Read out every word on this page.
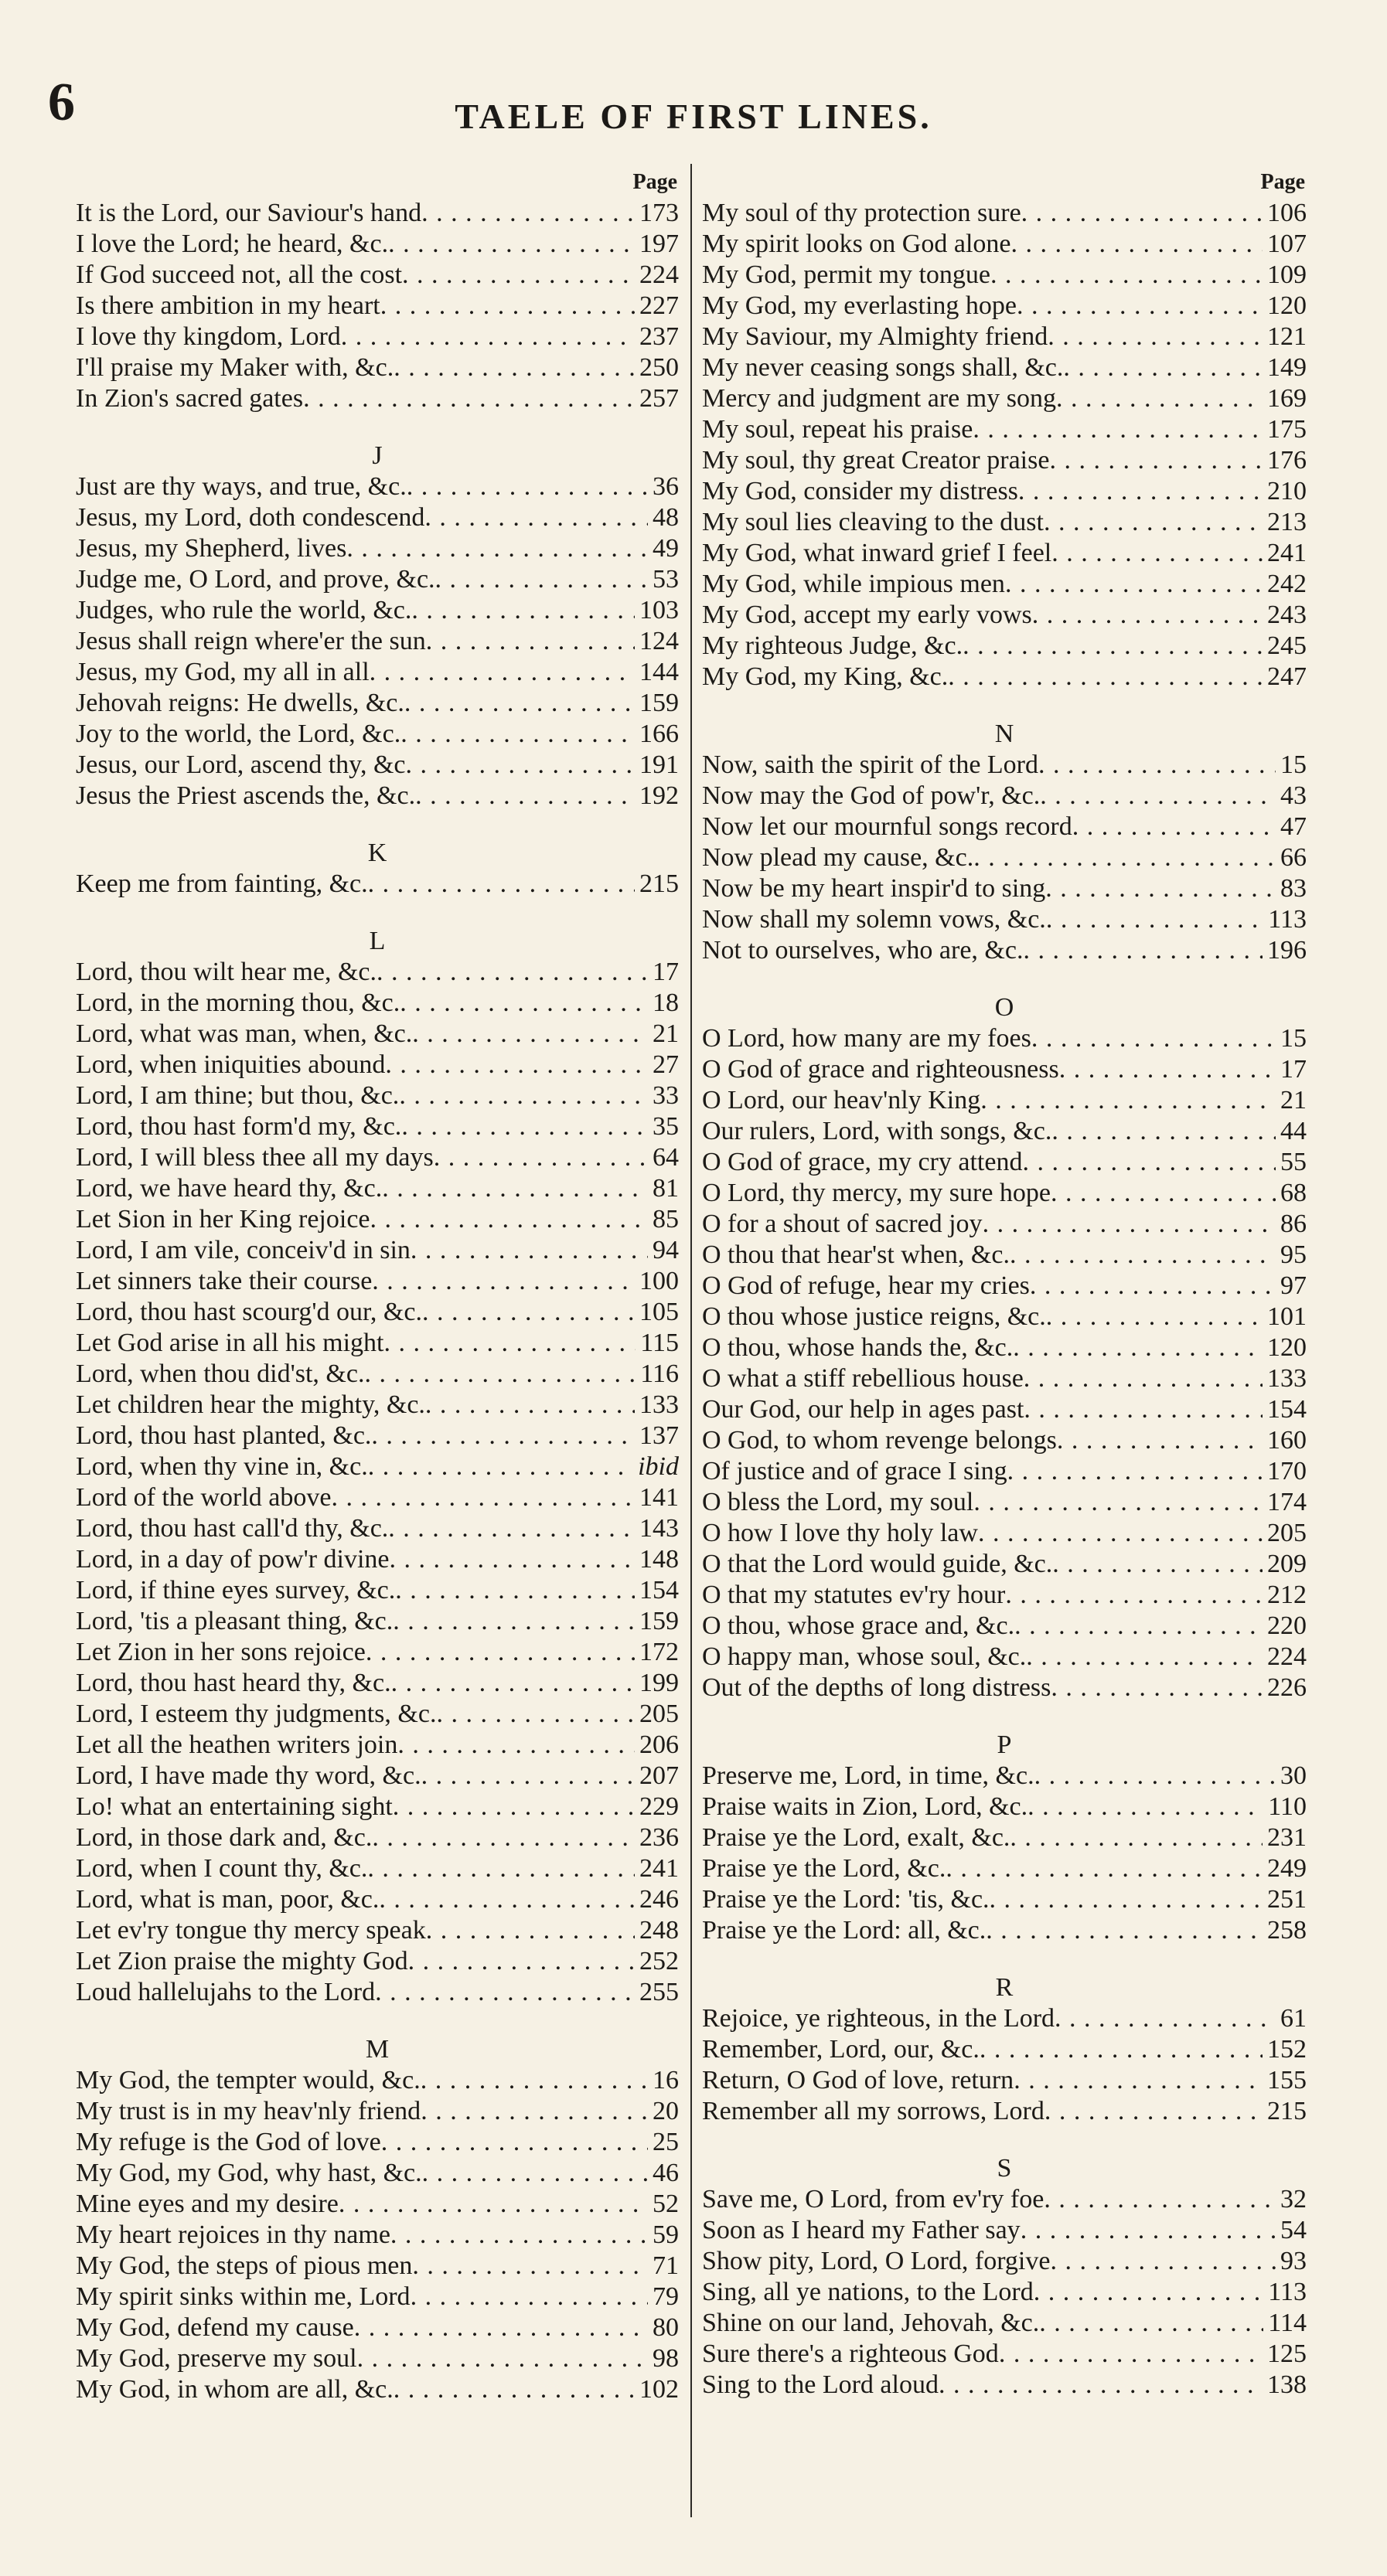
6	TAELE OF FIRST LINES.
Page
It is the Lord, our Saviour's hand . . .	173
I love the Lord; he heard, &c. . . .	197
If God succeed not, all the cost . . .	224
Is there ambition in my heart . . .	227
I love thy kingdom, Lord . . .	237
I'll praise my Maker with, &c. . . .	250
In Zion's sacred gates . . .	257
J
Just are thy ways, and true, &c. . . .	36
Jesus, my Lord, doth condescend . . .	48
Jesus, my Shepherd, lives . . .	49
Judge me, O Lord, and prove, &c. . . .	53
Judges, who rule the world, &c. . . .	103
Jesus shall reign where'er the sun . . .	124
Jesus, my God, my all in all . . .	144
Jehovah reigns: He dwells, &c. . . .	159
Joy to the world, the Lord, &c. . . .	166
Jesus, our Lord, ascend thy, &c . . .	191
Jesus the Priest ascends the, &c. . . .	192
K
Keep me from fainting, &c. . . .	215
L
Lord, thou wilt hear me, &c. . . .	17
Lord, in the morning thou, &c. . . .	18
Lord, what was man, when, &c. . . .	21
Lord, when iniquities abound . . .	27
Lord, I am thine; but thou, &c. . . .	33
Lord, thou hast form'd my, &c. . . .	35
Lord, I will bless thee all my days . . .	64
Lord, we have heard thy, &c. . . .	81
Let Sion in her King rejoice . . .	85
Lord, I am vile, conceiv'd in sin . . .	94
Let sinners take their course . . .	100
Lord, thou hast scourg'd our, &c. . . .	105
Let God arise in all his might . . .	115
Lord, when thou did'st, &c. . . .	116
Let children hear the mighty, &c. . . .	133
Lord, thou hast planted, &c. . . .	137
Lord, when thy vine in, &c. . . .	ibid
Lord of the world above . . .	141
Lord, thou hast call'd thy, &c. . . .	143
Lord, in a day of pow'r divine . . .	148
Lord, if thine eyes survey, &c. . . .	154
Lord, 'tis a pleasant thing, &c. . . .	159
Let Zion in her sons rejoice . . .	172
Lord, thou hast heard thy, &c. . . .	199
Lord, I esteem thy judgments, &c. . . .	205
Let all the heathen writers join . . .	206
Lord, I have made thy word, &c. . . .	207
Lo! what an entertaining sight . . .	229
Lord, in those dark and, &c. . . .	236
Lord, when I count thy, &c. . . .	241
Lord, what is man, poor, &c. . . .	246
Let ev'ry tongue thy mercy speak . . .	248
Let Zion praise the mighty God . . .	252
Loud hallelujahs to the Lord . . .	255
M
My God, the tempter would, &c. . . .	16
My trust is in my heav'nly friend . . .	20
My refuge is the God of love . . .	25
My God, my God, why hast, &c. . . .	46
Mine eyes and my desire . . .	52
My heart rejoices in thy name . . .	59
My God, the steps of pious men . . .	71
My spirit sinks within me, Lord . . .	79
My God, defend my cause . . .	80
My God, preserve my soul . . .	98
My God, in whom are all, &c. . . .	102
Page
My soul of thy protection sure . . .	106
My spirit looks on God alone . . .	107
My God, permit my tongue . . .	109
My God, my everlasting hope . . .	120
My Saviour, my Almighty friend . . .	121
My never ceasing songs shall, &c. . . .	149
Mercy and judgment are my song . . .	169
My soul, repeat his praise . . .	175
My soul, thy great Creator praise . . .	176
My God, consider my distress . . .	210
My soul lies cleaving to the dust . . .	213
My God, what inward grief I feel . . .	241
My God, while impious men . . .	242
My God, accept my early vows . . .	243
My righteous Judge, &c. . . .	245
My God, my King, &c. . . .	247
N
Now, saith the spirit of the Lord . . .	15
Now may the God of pow'r, &c. . . .	43
Now let our mournful songs record . . .	47
Now plead my cause, &c. . . .	66
Now be my heart inspir'd to sing . . .	83
Now shall my solemn vows, &c. . . .	113
Not to ourselves, who are, &c. . . .	196
O
O Lord, how many are my foes . . .	15
O God of grace and righteousness . . .	17
O Lord, our heav'nly King . . .	21
Our rulers, Lord, with songs, &c. . . .	44
O God of grace, my cry attend . . .	55
O Lord, thy mercy, my sure hope . . .	68
O for a shout of sacred joy . . .	86
O thou that hear'st when, &c. . . .	95
O God of refuge, hear my cries . . .	97
O thou whose justice reigns, &c. . . .	101
O thou, whose hands the, &c. . . .	120
O what a stiff rebellious house . . .	133
Our God, our help in ages past . . .	154
O God, to whom revenge belongs . . .	160
Of justice and of grace I sing . . .	170
O bless the Lord, my soul . . .	174
O how I love thy holy law . . .	205
O that the Lord would guide, &c. . . .	209
O that my statutes ev'ry hour . . .	212
O thou, whose grace and, &c. . . .	220
O happy man, whose soul, &c. . . .	224
Out of the depths of long distress . . .	226
P
Preserve me, Lord, in time, &c. . . .	30
Praise waits in Zion, Lord, &c. . . .	110
Praise ye the Lord, exalt, &c. . . .	231
Praise ye the Lord, &c. . . .	249
Praise ye the Lord: 'tis, &c. . . .	251
Praise ye the Lord: all, &c. . . .	258
R
Rejoice, ye righteous, in the Lord . . .	61
Remember, Lord, our, &c. . . .	152
Return, O God of love, return . . .	155
Remember all my sorrows, Lord . . .	215
S
Save me, O Lord, from ev'ry foe . . .	32
Soon as I heard my Father say . . .	54
Show pity, Lord, O Lord, forgive . . .	93
Sing, all ye nations, to the Lord . . .	113
Shine on our land, Jehovah, &c. . . .	114
Sure there's a righteous God . . .	125
Sing to the Lord aloud . . .	138
